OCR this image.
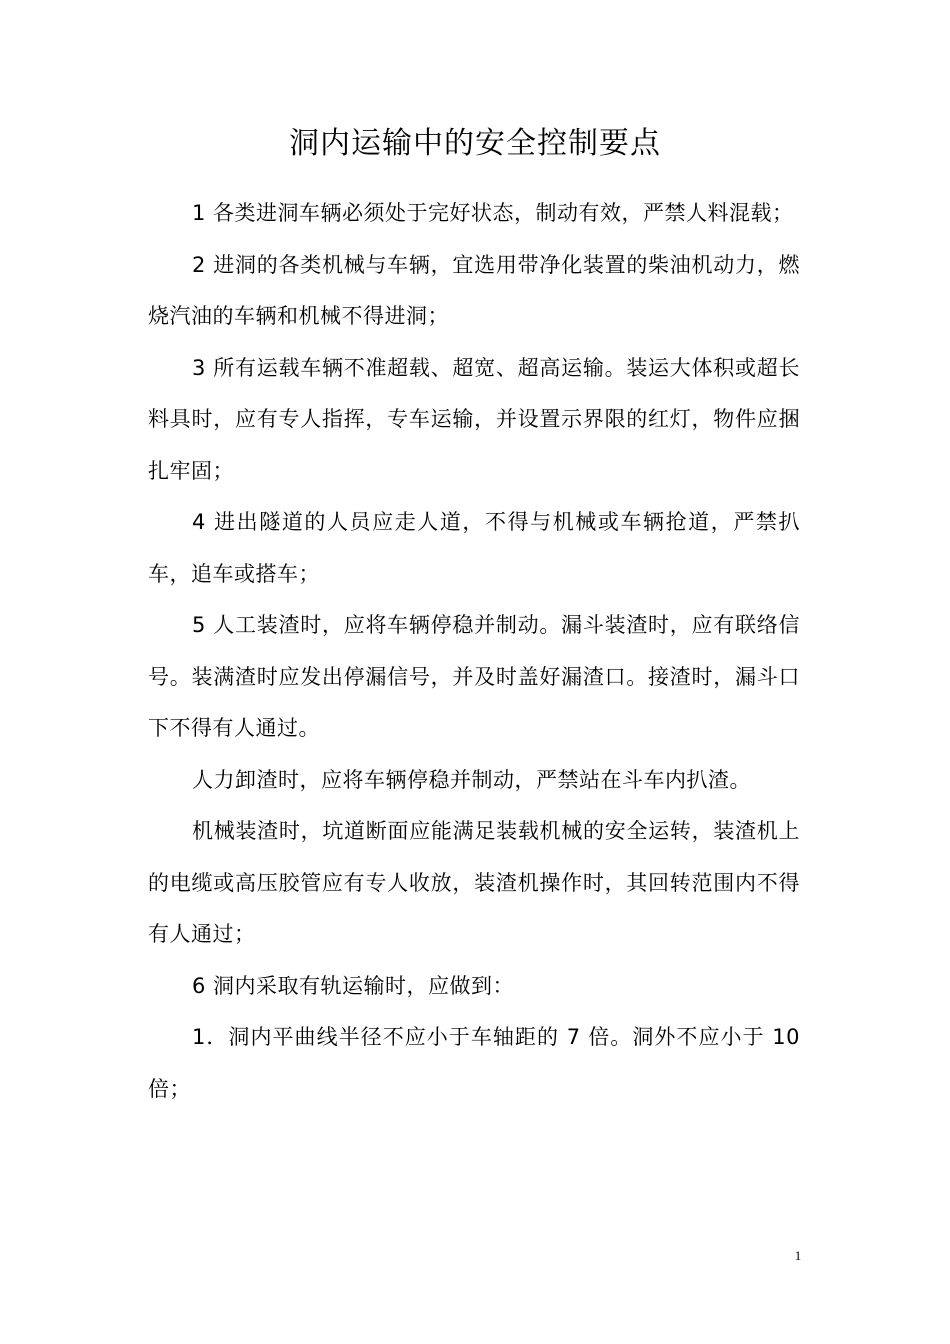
洞内运输中的安全控制要点

1 各类进洞车辆必须处于完好状态，制动有效，严禁人料混载；

2 进洞的各类机械与车辆，宜选用带净化装置的柴油机动力，燃烧汽油的车辆和机械不得进洞；

3 所有运载车辆不准超载、超宽、超高运输。装运大体积或超长料具时，应有专人指挥，专车运输，并设置示界限的红灯，物件应捆扎牢固；

4 进出隧道的人员应走人道，不得与机械或车辆抢道，严禁扒车，追车或搭车；

5 人工装渣时，应将车辆停稳并制动。漏斗装渣时，应有联络信号。装满渣时应发出停漏信号，并及时盖好漏渣口。接渣时，漏斗口下不得有人通过。

人力卸渣时，应将车辆停稳并制动，严禁站在斗车内扒渣。

机械装渣时，坑道断面应能满足装载机械的安全运转，装渣机上的电缆或高压胶管应有专人收放，装渣机操作时，其回转范围内不得有人通过；

6 洞内采取有轨运输时，应做到：

1．洞内平曲线半径不应小于车轴距的 7 倍。洞外不应小于 10 倍；

1
